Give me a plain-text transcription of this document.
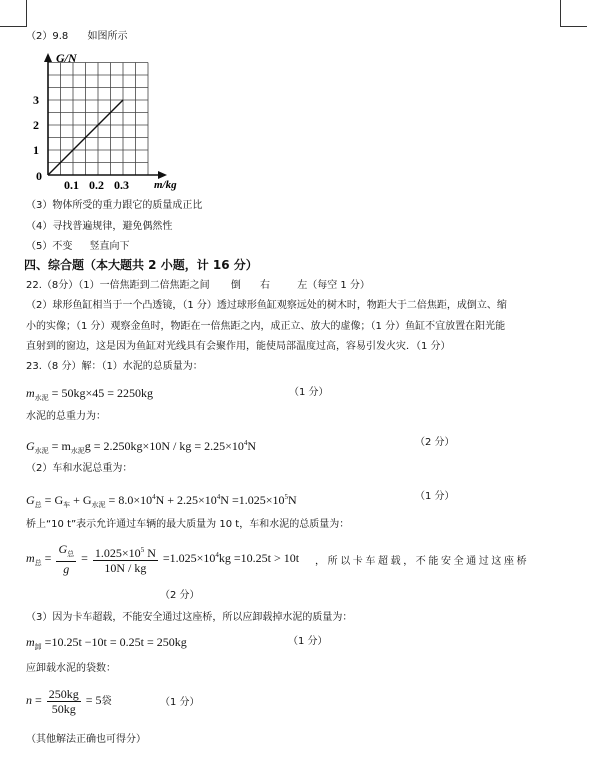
（2）9.8 如图所示
0.1 0.2 0.3
1
2
3
G/N
m/kg
0
（3）物体所受的重力跟它的质量成正比
（4）寻找普遍规律，避免偶然性
（5）不变 竖直向下
四、综合题（本大题共 2 小题，计 16 分）
22.（8分）（1）一倍焦距到二倍焦距之间 倒 右	左（每空 1 分）
（2）球形鱼缸相当于一个凸透镜，（1 分）透过球形鱼缸观察远处的树木时，物距大于二倍焦距，成倒立、缩
小的实像；（1 分）观察金鱼时，物距在一倍焦距之内，成正立、放大的虚像；（1 分）鱼缸不宜放置在阳光能
直射到的窗边，这是因为鱼缸对光线具有会聚作用，能使局部温度过高，容易引发火灾．（1 分）
23.（8 分）解：（1）水泥的总质量为：
$m_{水泥} = 50kg\times 45 = 2250kg$	（1 分）
水泥的总重力为：
$G_{水泥} = m_{水泥}g = 2.250kg\times 10N$ / kg = $2.25\times 10^4N$	（2 分）
（2）车和水泥总重为：
$G_总 = G_车 + G_{水泥} = 8.0\times 10^4N + 2.25\times 10^4N =1.025\times 10^5N$	（1 分）
桥上“10 t”表示允许通过车辆的最大质量为 10 t，车和水泥的总质量为：
$m_总 = \frac{G_总}{g} = \frac{1.025\times 10^5 N}{10N / kg} =1.025\times 10^4kg =10.25t > 10t$ ，所以卡车超载，不能安全通过这座桥
（2 分）
（3）因为卡车超载，不能安全通过这座桥，所以应卸载掉水泥的质量为：
$m_卸 =10.25t -10t = 0.25t = 250kg$	（1 分）
应卸载水泥的袋数：
$n = \frac{250kg}{50kg} = 5$袋	（1 分）
（其他解法正确也可得分）
